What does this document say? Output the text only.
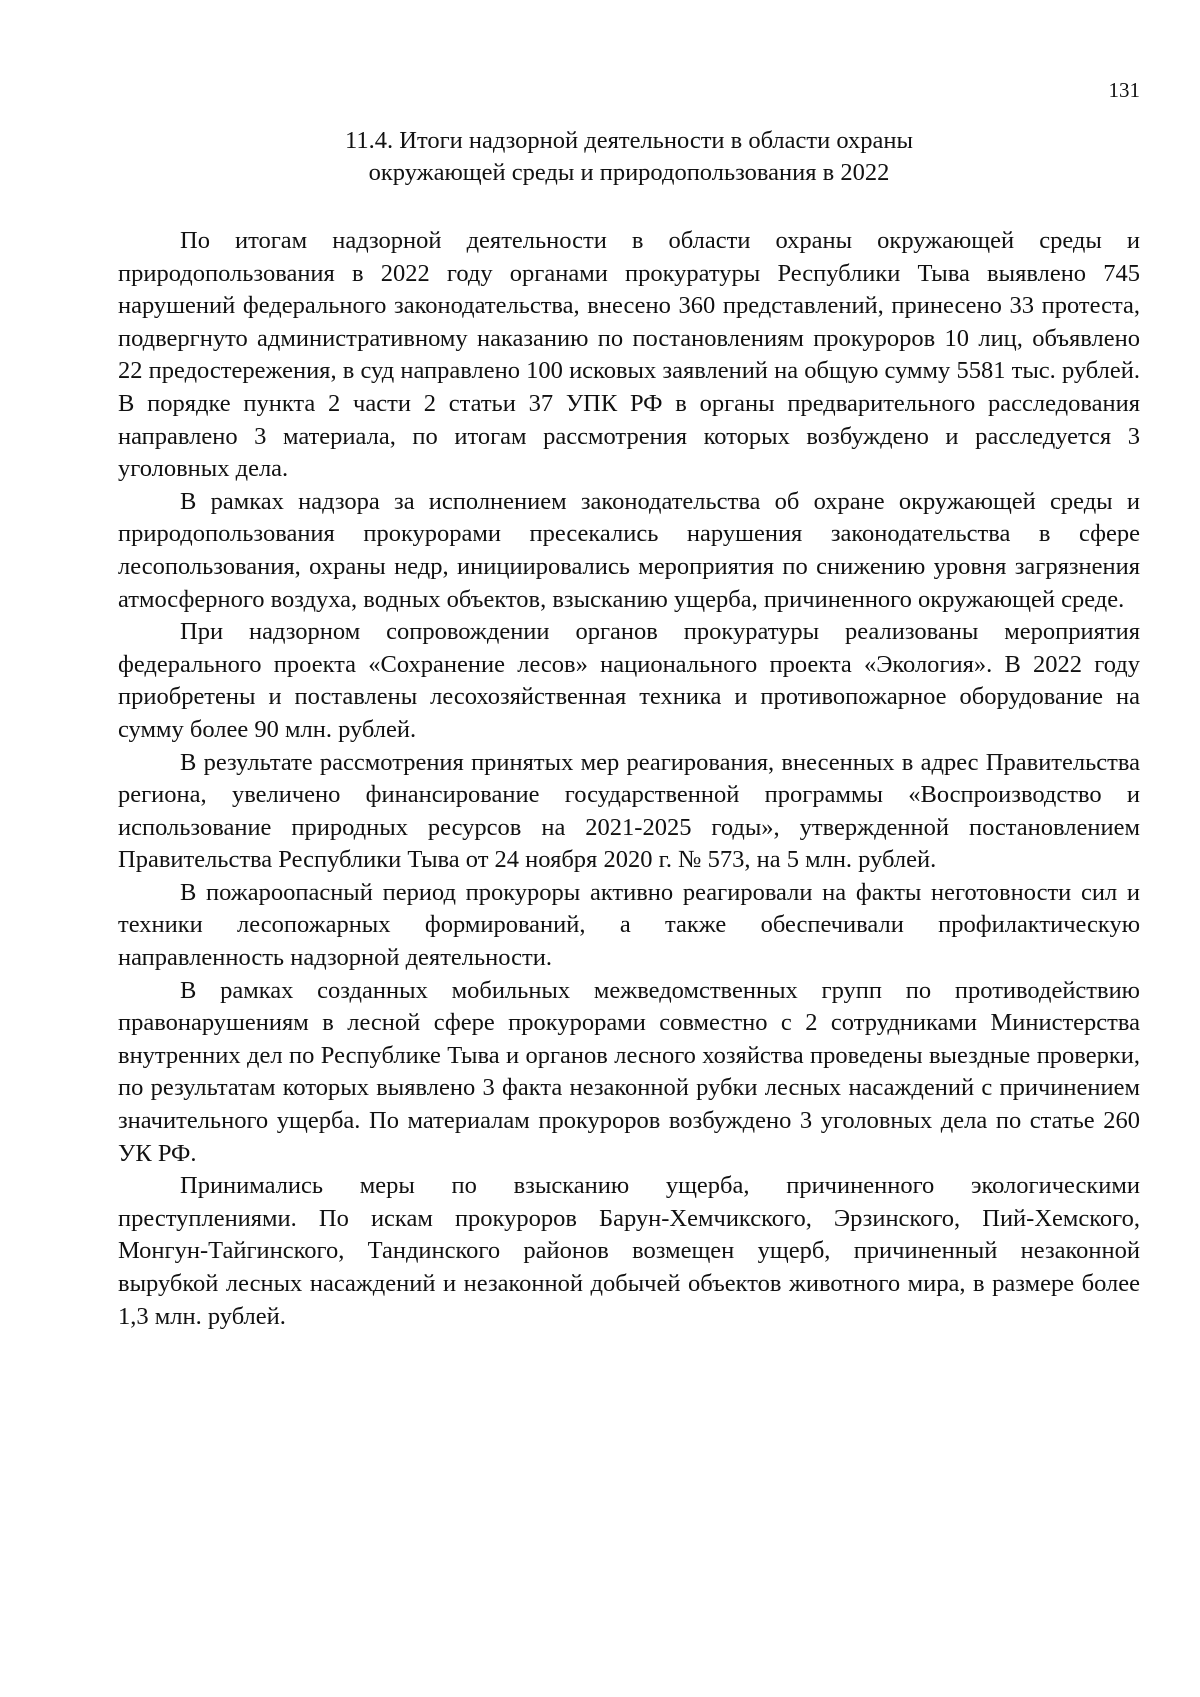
131
11.4. Итоги надзорной деятельности в области охраны
окружающей среды и природопользования в 2022

По итогам надзорной деятельности в области охраны окружающей среды и природопользования в 2022 году органами прокуратуры Республики Тыва выявлено 745 нарушений федерального законодательства, внесено 360 представлений, принесено 33 протеста, подвергнуто административному наказанию по постановлениям прокуроров 10 лиц, объявлено 22 предостережения, в суд направлено 100 исковых заявлений на общую сумму 5581 тыс. рублей. В порядке пункта 2 части 2 статьи 37 УПК РФ в органы предварительного расследования направлено 3 материала, по итогам рассмотрения которых возбуждено и расследуется 3 уголовных дела.

В рамках надзора за исполнением законодательства об охране окружающей среды и природопользования прокурорами пресекались нарушения законодательства в сфере лесопользования, охраны недр, инициировались мероприятия по снижению уровня загрязнения атмосферного воздуха, водных объектов, взысканию ущерба, причиненного окружающей среде.

При надзорном сопровождении органов прокуратуры реализованы мероприятия федерального проекта «Сохранение лесов» национального проекта «Экология». В 2022 году приобретены и поставлены лесохозяйственная техника и противопожарное оборудование на сумму более 90 млн. рублей.

В результате рассмотрения принятых мер реагирования, внесенных в адрес Правительства региона, увеличено финансирование государственной программы «Воспроизводство и использование природных ресурсов на 2021-2025 годы», утвержденной постановлением Правительства Республики Тыва от 24 ноября 2020 г. № 573, на 5 млн. рублей.

В пожароопасный период прокуроры активно реагировали на факты неготовности сил и техники лесопожарных формирований, а также обеспечивали профилактическую направленность надзорной деятельности.

В рамках созданных мобильных межведомственных групп по противодействию правонарушениям в лесной сфере прокурорами совместно с 2 сотрудниками Министерства внутренних дел по Республике Тыва и органов лесного хозяйства проведены выездные проверки, по результатам которых выявлено 3 факта незаконной рубки лесных насаждений с причинением значительного ущерба. По материалам прокуроров возбуждено 3 уголовных дела по статье 260 УК РФ.

Принимались меры по взысканию ущерба, причиненного экологическими преступлениями. По искам прокуроров Барун-Хемчикского, Эрзинского, Пий-Хемского, Монгун-Тайгинского, Тандинского районов возмещен ущерб, причиненный незаконной вырубкой лесных насаждений и незаконной добычей объектов животного мира, в размере более 1,3 млн. рублей.
